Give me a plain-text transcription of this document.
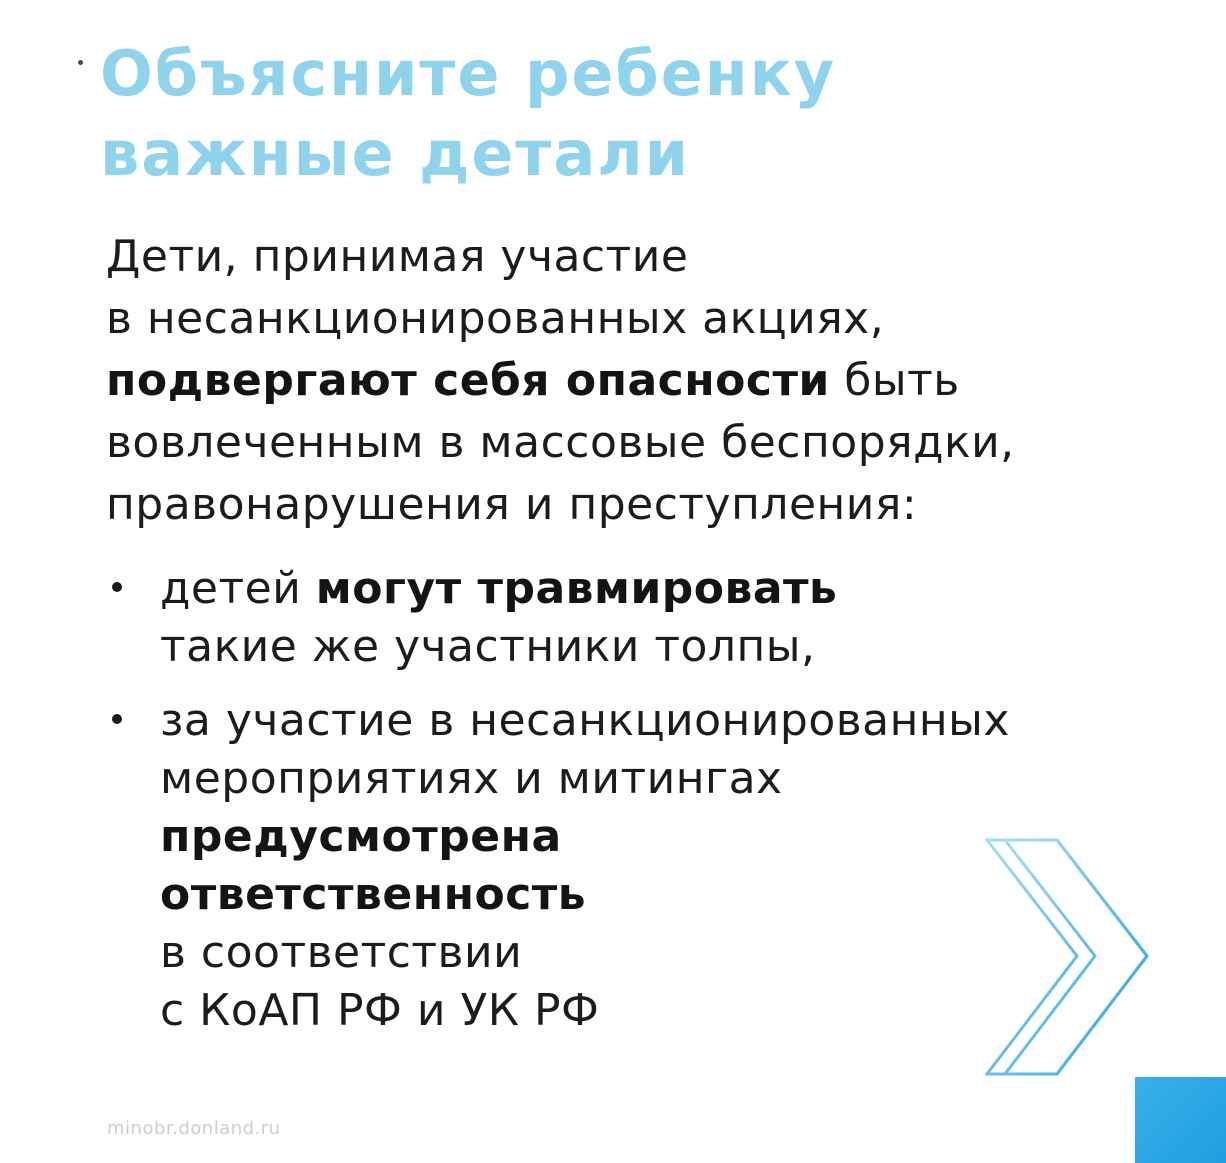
Объясните ребенку
важные детали

Дети, принимая участие
в несанкционированных акциях,
подвергают себя опасности быть
вовлеченным в массовые беспорядки,
правонарушения и преступления:

детей могут травмировать
такие же участники толпы,
за участие в несанкционированных
мероприятиях и митингах
предусмотрена
ответственность
в соответствии
с КоАП РФ и УК РФ
minobr.donland.ru
